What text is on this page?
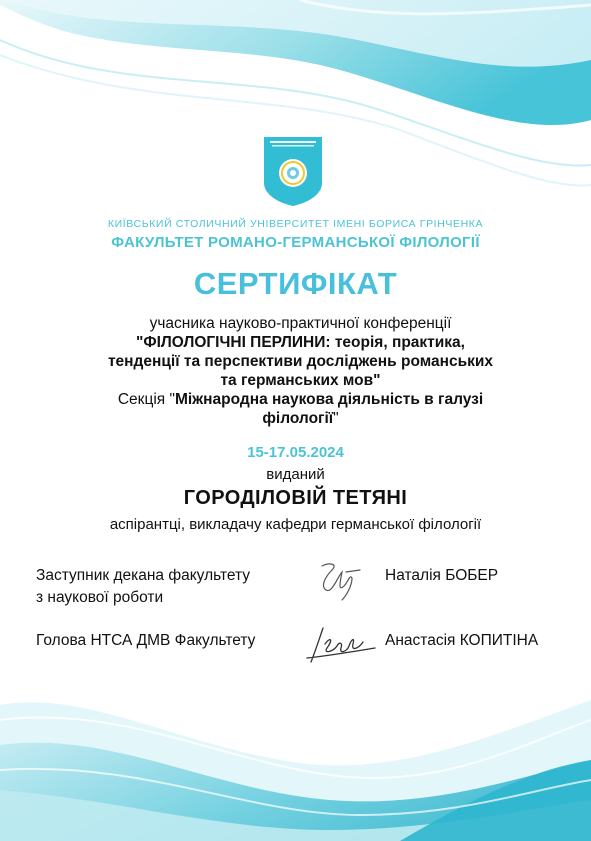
КИЇВСЬКИЙ СТОЛИЧНИЙ УНІВЕРСИТЕТ ІМЕНІ БОРИСА ГРІНЧЕНКА
ФАКУЛЬТЕТ РОМАНО-ГЕРМАНСЬКОЇ ФІЛОЛОГІЇ
СЕРТИФІКАТ
учасника науково-практичної конференції
"ФІЛОЛОГІЧНІ ПЕРЛИНИ: теорія, практика, тенденції та перспективи досліджень романських та германських мов"
Секція "Міжнародна наукова діяльність в галузі філології"
15-17.05.2024
виданий
ГОРОДІЛОВІЙ ТЕТЯНІ
аспірантці, викладачу кафедри германської філології
Заступник декана факультету
з наукової роботи
Наталія БОБЕР
Голова НТСА ДМВ Факультету	Анастасія КОПИТІНА
